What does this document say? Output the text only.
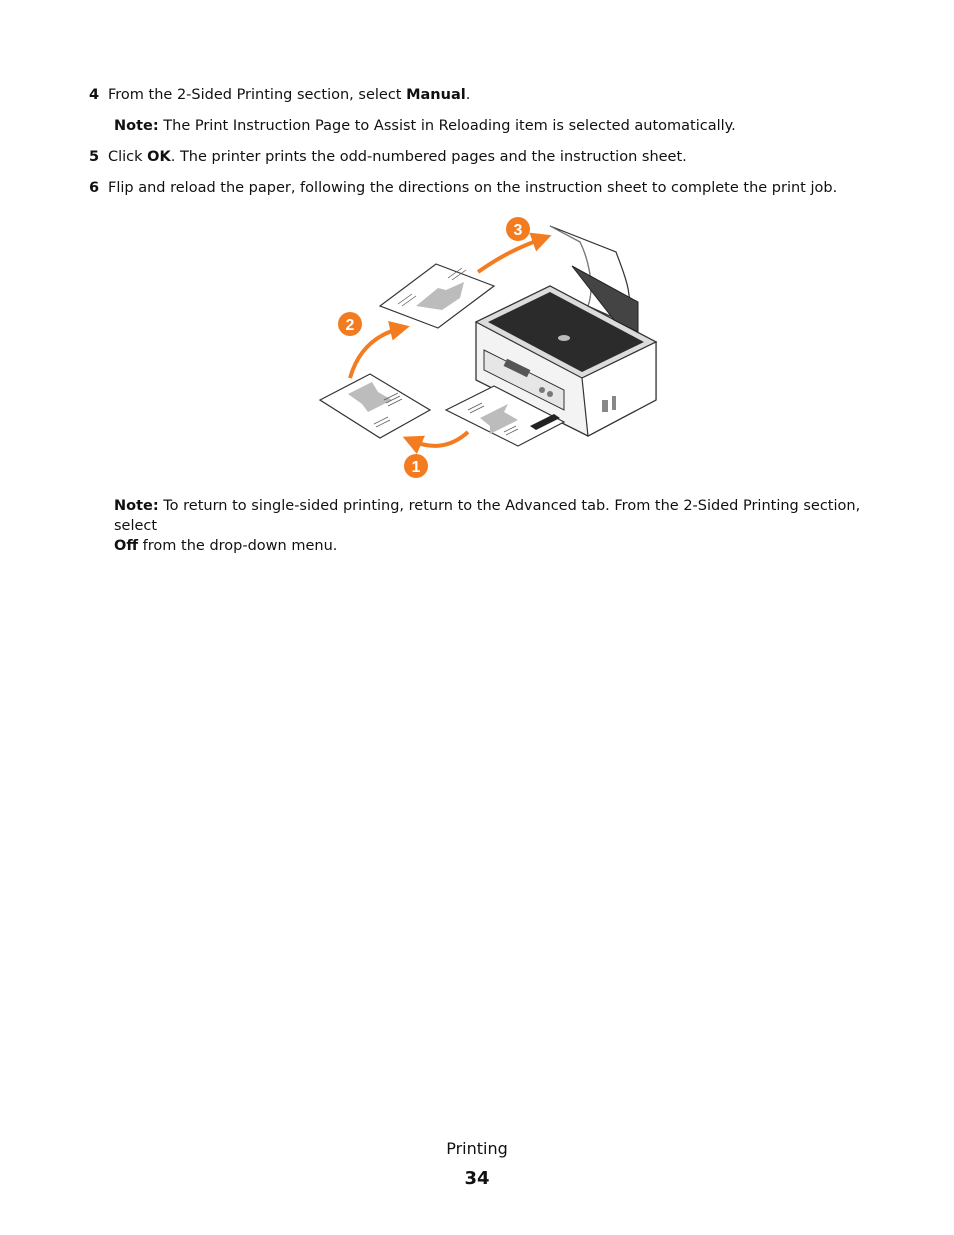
4 From the 2-Sided Printing section, select Manual.
Note: The Print Instruction Page to Assist in Reloading item is selected automatically.
5 Click OK. The printer prints the odd-numbered pages and the instruction sheet.
6 Flip and reload the paper, following the directions on the instruction sheet to complete the print job.
1
2
3
Note: To return to single-sided printing, return to the Advanced tab. From the 2-Sided Printing section, select
Off from the drop-down menu.
Printing
34
